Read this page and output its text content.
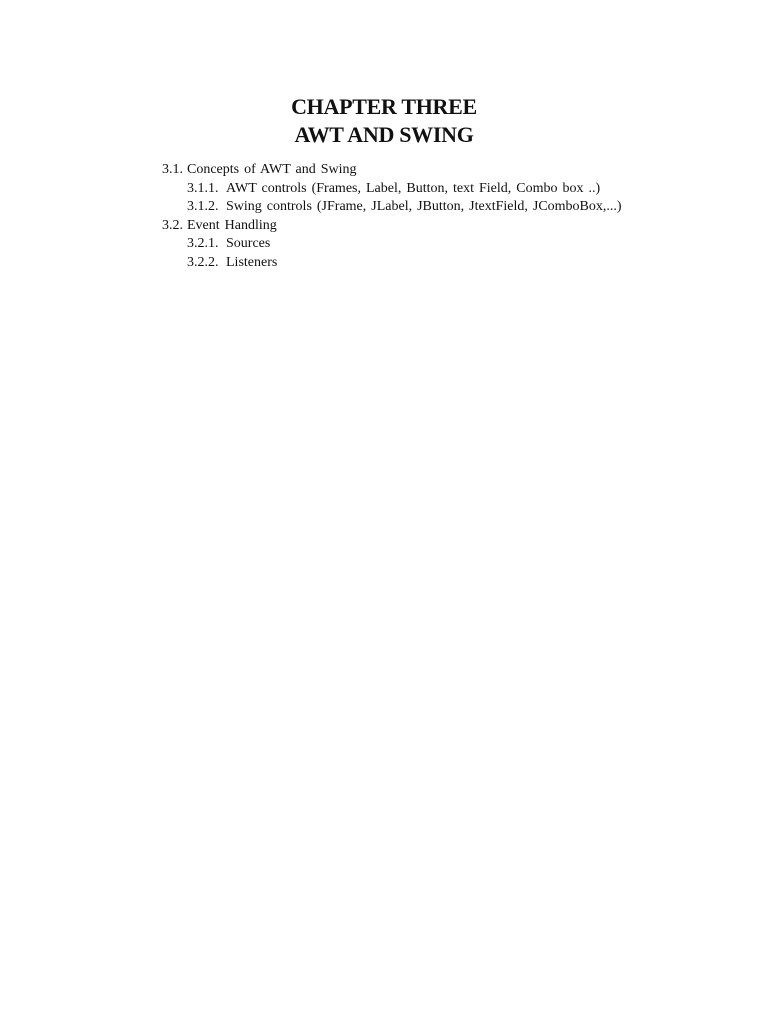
CHAPTER THREE
AWT AND SWING
3.1. Concepts of AWT and Swing
3.1.1. AWT controls (Frames, Label, Button, text Field, Combo box ..)
3.1.2. Swing controls (JFrame, JLabel, JButton, JtextField, JComboBox,...)
3.2. Event Handling
3.2.1. Sources
3.2.2. Listeners
